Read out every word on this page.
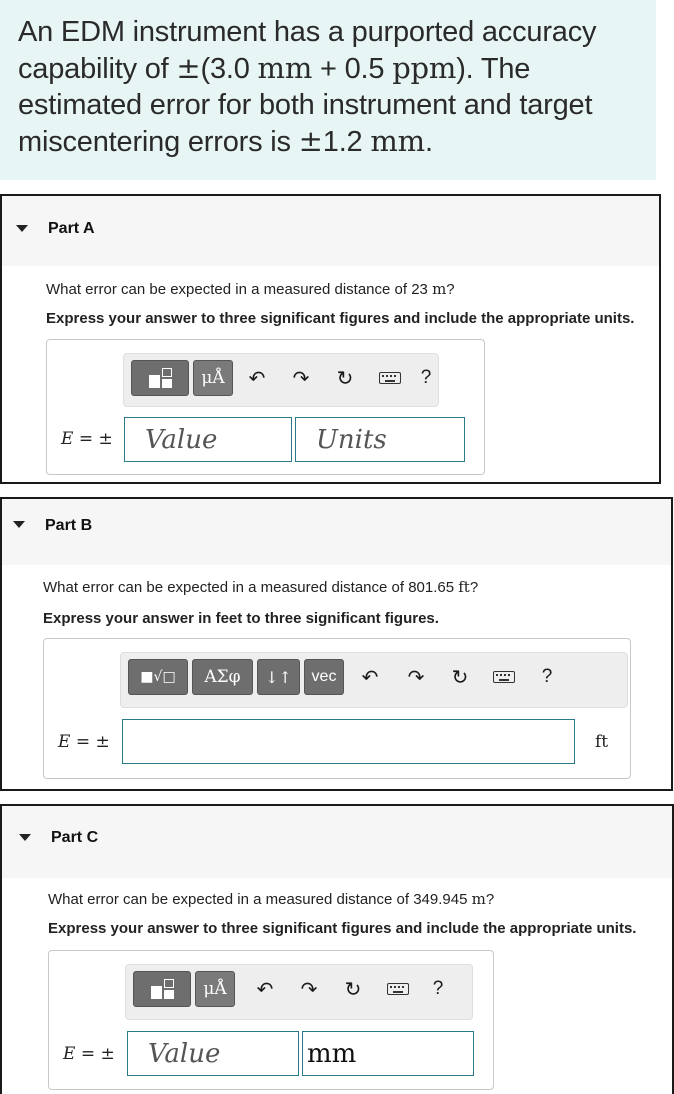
An EDM instrument has a purported accuracy capability of ±(3.0 mm + 0.5 ppm). The estimated error for both instrument and target miscentering errors is ±1.2 mm.

Part A
What error can be expected in a measured distance of 23 m?
Express your answer to three significant figures and include the appropriate units.
μÅ	↶	↷	↻	?
E = ±	Value	Units
Part B
What error can be expected in a measured distance of 801.65 ft?
Express your answer in feet to three significant figures.
■√□	ΑΣφ	↓↑	vec	↶	↷	↻	?
E = ±	ft
Part C
What error can be expected in a measured distance of 349.945 m?
Express your answer to three significant figures and include the appropriate units.
μÅ	↶	↷	↻	?
E = ±	Value	mm
